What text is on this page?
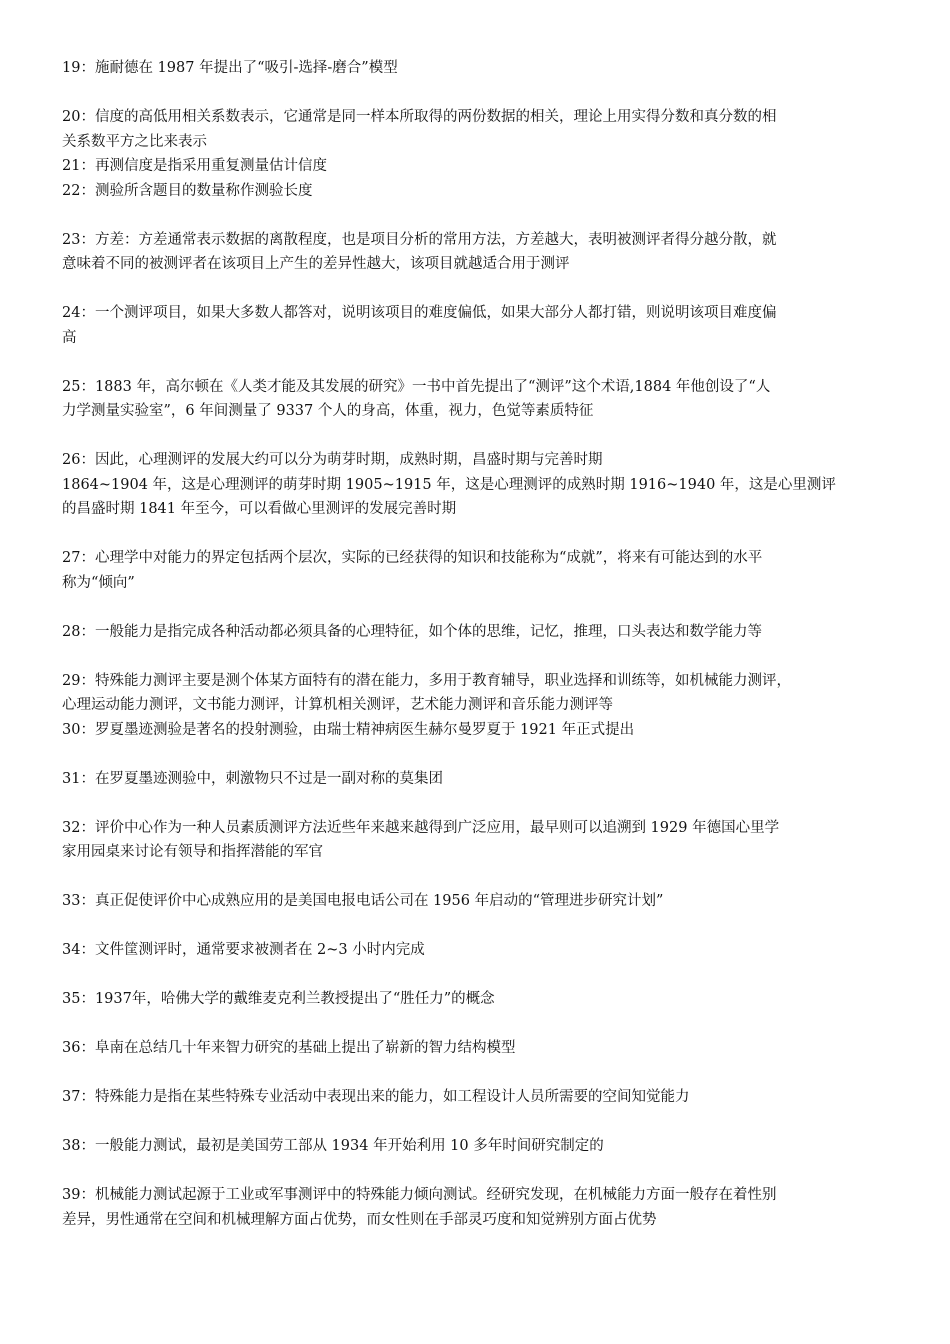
19：施耐德在 1987 年提出了“吸引-选择-磨合”模型

20：信度的高低用相关系数表示，它通常是同一样本所取得的两份数据的相关，理论上用实得分数和真分数的相
关系数平方之比来表示

21：再测信度是指采用重复测量估计信度

22：测验所含题目的数量称作测验长度

23：方差：方差通常表示数据的离散程度，也是项目分析的常用方法，方差越大，表明被测评者得分越分散，就
意味着不同的被测评者在该项目上产生的差异性越大，该项目就越适合用于测评

24：一个测评项目，如果大多数人都答对，说明该项目的难度偏低，如果大部分人都打错，则说明该项目难度偏
高

25：1883 年，高尔顿在《人类才能及其发展的研究》一书中首先提出了“测评”这个术语,1884 年他创设了“人
力学测量实验室”，6 年间测量了 9337 个人的身高，体重，视力，色觉等素质特征

26：因此，心理测评的发展大约可以分为萌芽时期，成熟时期，昌盛时期与完善时期
1864~1904 年，这是心理测评的萌芽时期 1905~1915 年，这是心理测评的成熟时期 1916~1940 年，这是心里测评
的昌盛时期 1841 年至今，可以看做心里测评的发展完善时期

27：心理学中对能力的界定包括两个层次，实际的已经获得的知识和技能称为“成就”，将来有可能达到的水平
称为“倾向”

28：一般能力是指完成各种活动都必须具备的心理特征，如个体的思维，记忆，推理，口头表达和数学能力等

29：特殊能力测评主要是测个体某方面特有的潜在能力，多用于教育辅导，职业选择和训练等，如机械能力测评，
心理运动能力测评，文书能力测评，计算机相关测评，艺术能力测评和音乐能力测评等

30：罗夏墨迹测验是著名的投射测验，由瑞士精神病医生赫尔曼罗夏于 1921 年正式提出

31：在罗夏墨迹测验中，刺激物只不过是一副对称的莫集团

32：评价中心作为一种人员素质测评方法近些年来越来越得到广泛应用，最早则可以追溯到 1929 年德国心里学
家用园桌来讨论有领导和指挥潜能的军官

33：真正促使评价中心成熟应用的是美国电报电话公司在 1956 年启动的“管理进步研究计划”

34：文件筐测评时，通常要求被测者在 2~3 小时内完成

35：1937年，哈佛大学的戴维麦克利兰教授提出了“胜任力”的概念

36：阜南在总结几十年来智力研究的基础上提出了崭新的智力结构模型

37：特殊能力是指在某些特殊专业活动中表现出来的能力，如工程设计人员所需要的空间知觉能力

38：一般能力测试，最初是美国劳工部从 1934 年开始利用 10 多年时间研究制定的

39：机械能力测试起源于工业或军事测评中的特殊能力倾向测试。经研究发现，在机械能力方面一般存在着性别
差异，男性通常在空间和机械理解方面占优势，而女性则在手部灵巧度和知觉辨别方面占优势
